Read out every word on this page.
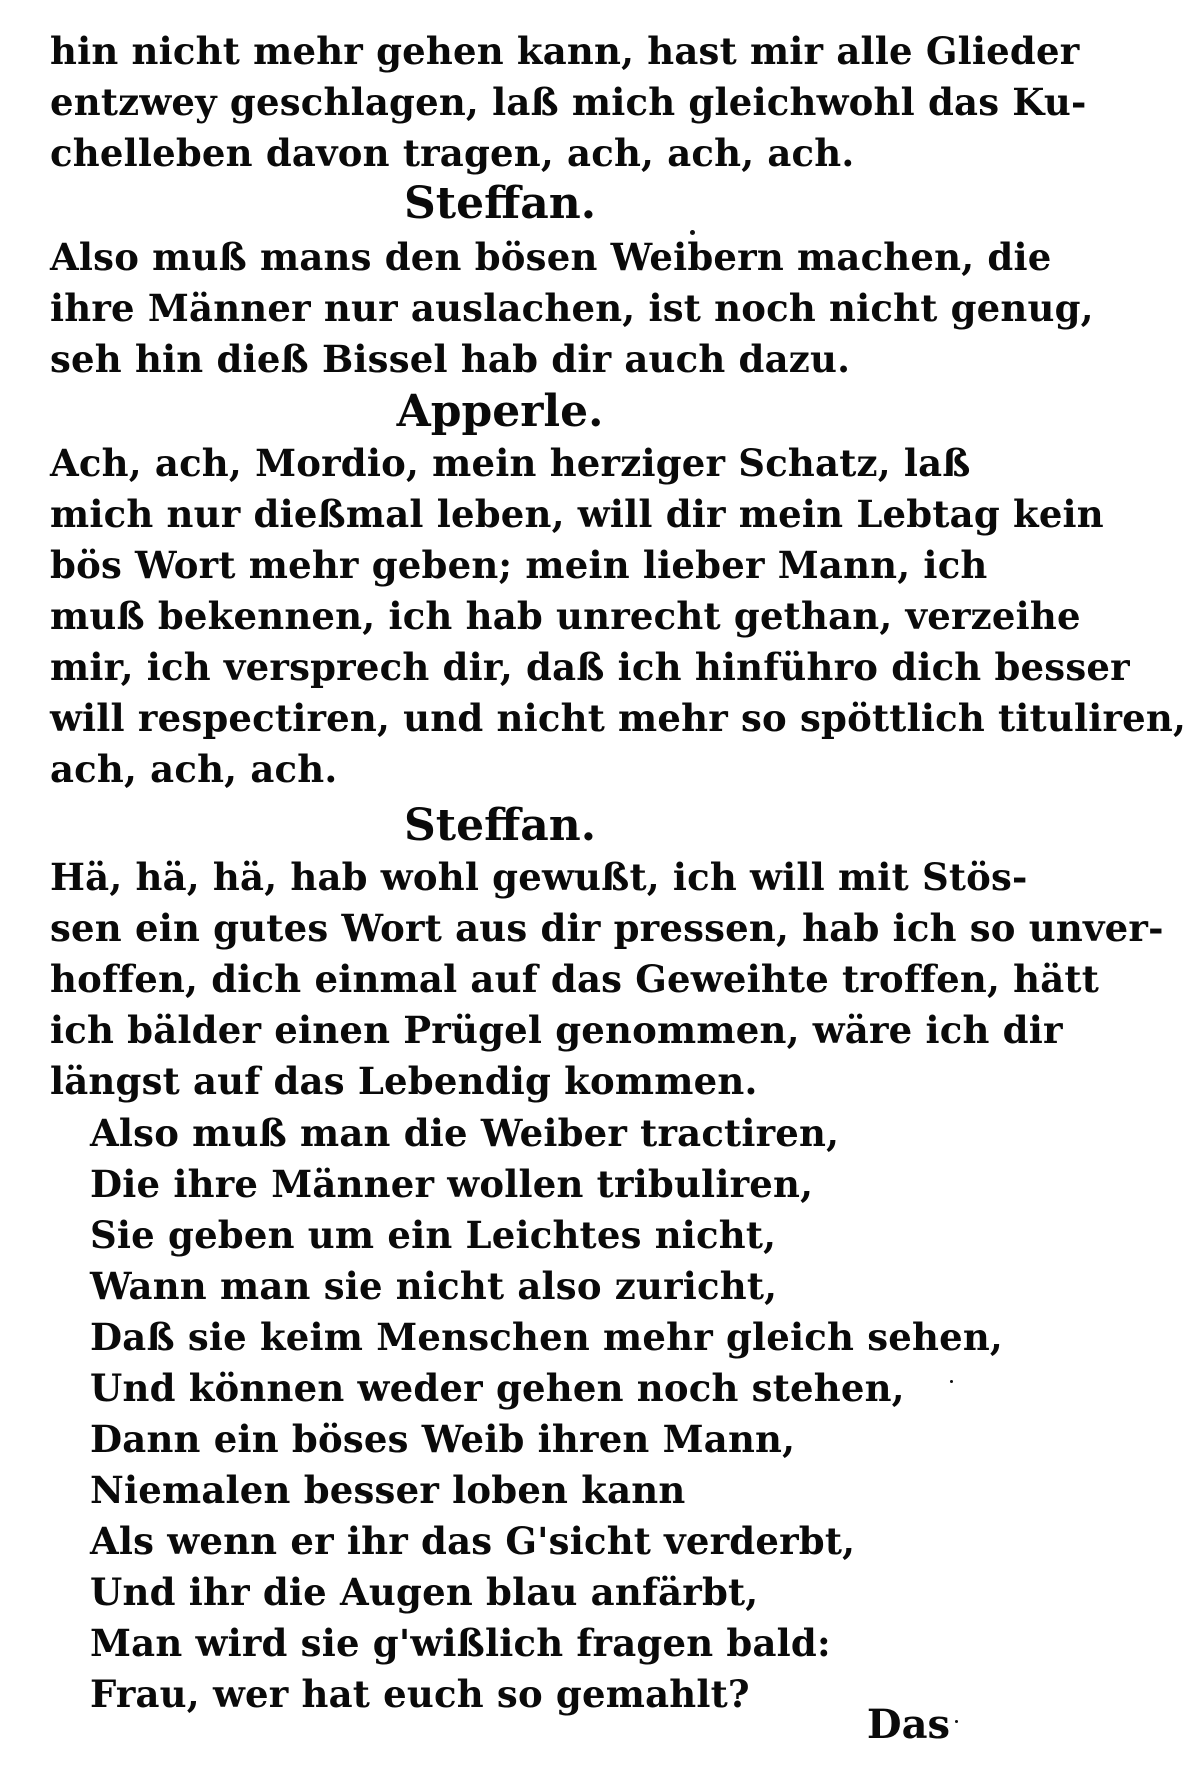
hin nicht mehr gehen kann, hast mir alle Glieder
entzwey geschlagen, laß mich gleichwohl das Ku-
chelleben davon tragen, ach, ach, ach.
Steffan.
Also muß mans den bösen Weibern machen, die
ihre Männer nur auslachen, ist noch nicht genug,
seh hin dieß Bissel hab dir auch dazu.
Apperle.
Ach, ach, Mordio, mein herziger Schatz, laß
mich nur dießmal leben, will dir mein Lebtag kein
bös Wort mehr geben; mein lieber Mann, ich
muß bekennen, ich hab unrecht gethan, verzeihe
mir, ich versprech dir, daß ich hinführo dich besser
will respectiren, und nicht mehr so spöttlich tituliren,
ach, ach, ach.
Steffan.
Hä, hä, hä, hab wohl gewußt, ich will mit Stös-
sen ein gutes Wort aus dir pressen, hab ich so unver-
hoffen, dich einmal auf das Geweihte troffen, hätt
ich bälder einen Prügel genommen, wäre ich dir
längst auf das Lebendig kommen.
Also muß man die Weiber tractiren,
Die ihre Männer wollen tribuliren,
Sie geben um ein Leichtes nicht,
Wann man sie nicht also zuricht,
Daß sie keim Menschen mehr gleich sehen,
Und können weder gehen noch stehen,
Dann ein böses Weib ihren Mann,
Niemalen besser loben kann
Als wenn er ihr das G'sicht verderbt,
Und ihr die Augen blau anfärbt,
Man wird sie g'wißlich fragen bald:
Frau, wer hat euch so gemahlt?
Das
